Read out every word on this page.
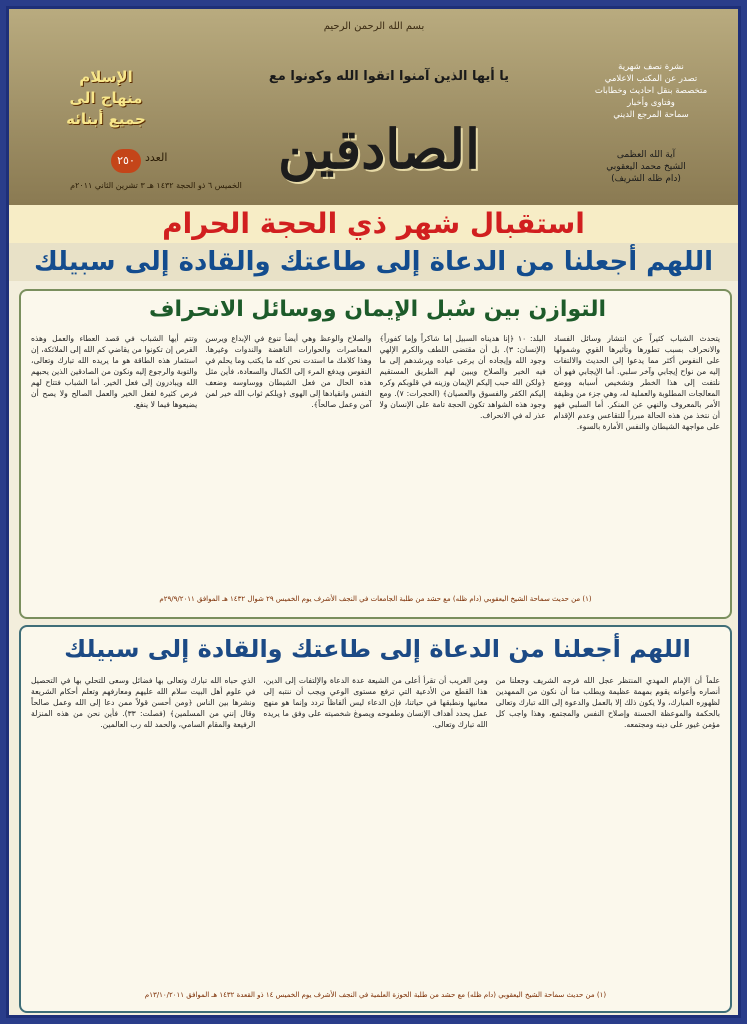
بسم الله الرحمن الرحيم
يا أيها الذين آمنوا اتقوا الله وكونوا مع
الصادقين
نشرة نصف شهرية
تصدر عن المكتب الاعلامي
متخصصة بنقل احاديث وخطابات
وفتاوى وأخبار
سماحة المرجع الديني
آية الله العظمى
الشيخ محمد اليعقوبي
(دام ظله الشريف)
الإسلام
منهاج الى
جميع أبنائه
العدد
٢٥٠
الخميس ٦ ذو الحجة ١٤٣٢ هـ ٣ تشرين الثاني ٢٠١١م
استقبال شهر ذي الحجة الحرام
اللهم أجعلنا من الدعاة إلى طاعتك والقادة إلى سبيلك
التوازن بين سُبل الإيمان ووسائل الانحراف
يتحدث الشباب كثيراً عن انتشار وسائل الفساد والانحراف بسبب تطورها وتأثيرها القوي وشمولها على النفوس أكثر مما يدعوا إلى الحديث والالتفات إليه من نواح إيجابي وآخر سلبي. أما الإيجابي فهو أن نلتفت إلى هذا الخطر وتشخيص أسبابه ووضع المعالجات المطلوبة والعملية له، وهي جزء من وظيفة الأمر بالمعروف والنهي عن المنكر. أما السلبي فهو أن نتخذ من هذه الحالة مبرراً للتقاعس وعدم الإقدام على مواجهة الشيطان والنفس الأمارة بالسوء.
البلد: ١٠ ﴿إنا هديناه السبيل إما شاكراً وإما كفوراً﴾ (الإنسان: ٣). بل أن مقتضى اللطف والكرم الإلهي وجود الله وإيجاده أن يرعى عباده ويرشدهم إلى ما فيه الخير والصلاح ويبين لهم الطريق المستقيم ﴿ولكن الله حبب إليكم الإيمان وزينه في قلوبكم وكره إليكم الكفر والفسوق والعصيان﴾ (الحجرات: ٧). ومع وجود هذه الشواهد تكون الحجة تامة على الإنسان ولا عذر له في الانحراف.
والصلاح والوعظ وهي أيضاً تنوع في الإبداع ويرسن المعاصرات والحوارات الناهضة والندوات وغيرها. وهذا كلامك ما استدت نحن كله ما يكتب وما يحلم في النفوس ويدفع المرء إلى الكمال والسعادة، فأين مثل هذه الحال من فعل الشيطان ووساوسه وضعف النفس وانقيادها إلى الهوى ﴿ويلكم ثواب الله خير لمن آمن وعمل صالحاً﴾.
وتتم أيها الشباب في قصد العطاء والعمل وهذه الفرص إن تكونوا من يقاضي كم الله إلى الملائكة، إن استثمار هذه الطاقة هو ما يريده الله تبارك وتعالى، والتوبة والرجوع إليه ونكون من الصادقين الذين يحبهم الله ويبادرون إلى فعل الخير. أما الشباب فتتاح لهم فرص كثيرة لفعل الخير والعمل الصالح ولا يصح أن يضيعوها فيما لا ينفع.
(١) من حديث سماحة الشيخ اليعقوبي (دام ظله) مع حشد من طلبة الجامعات في النجف الأشرف يوم الخميس ٢٩ شوال ١٤٣٢ هـ الموافق ٢٩/٩/٢٠١١م
اللهم أجعلنا من الدعاة إلى طاعتك والقادة إلى سبيلك
علماً أن الإمام المهدي المنتظر عجل الله فرجه الشريف وجعلنا من أنصاره وأعوانه يقوم بمهمة عظيمة ويطلب منا أن نكون من الممهدين لظهوره المبارك، ولا يكون ذلك إلا بالعمل والدعوة إلى الله تبارك وتعالى بالحكمة والموعظة الحسنة وإصلاح النفس والمجتمع، وهذا واجب كل مؤمن غيور على دينه ومجتمعه.
ومن الغريب أن تقرأ أعلى من الشيعة عدة الدعاة والإلتفات إلى الدين، هذا القطع من الأدعية التي ترفع مستوى الوعي ويجب أن ننتبه إلى معانيها ونطبقها في حياتنا، فإن الدعاء ليس ألفاظاً تردد وإنما هو منهج عمل يحدد أهداف الإنسان وطموحه ويصوغ شخصيته على وفق ما يريده الله تبارك وتعالى.
الذي حباه الله تبارك وتعالى بها فضائل وسعى للتحلي بها في التحصيل في علوم أهل البيت سلام الله عليهم ومعارفهم وتعلم أحكام الشريعة ونشرها بين الناس ﴿ومن أحسن قولاً ممن دعا إلى الله وعمل صالحاً وقال إنني من المسلمين﴾ (فصلت: ٣٣). فأين نحن من هذه المنزلة الرفيعة والمقام السامي، والحمد لله رب العالمين.
(١) من حديث سماحة الشيخ اليعقوبي (دام ظله) مع حشد من طلبة الحوزة العلمية في النجف الأشرف يوم الخميس ١٤ ذو القعدة ١٤٣٢ هـ الموافق ١٣/١٠/٢٠١١م
